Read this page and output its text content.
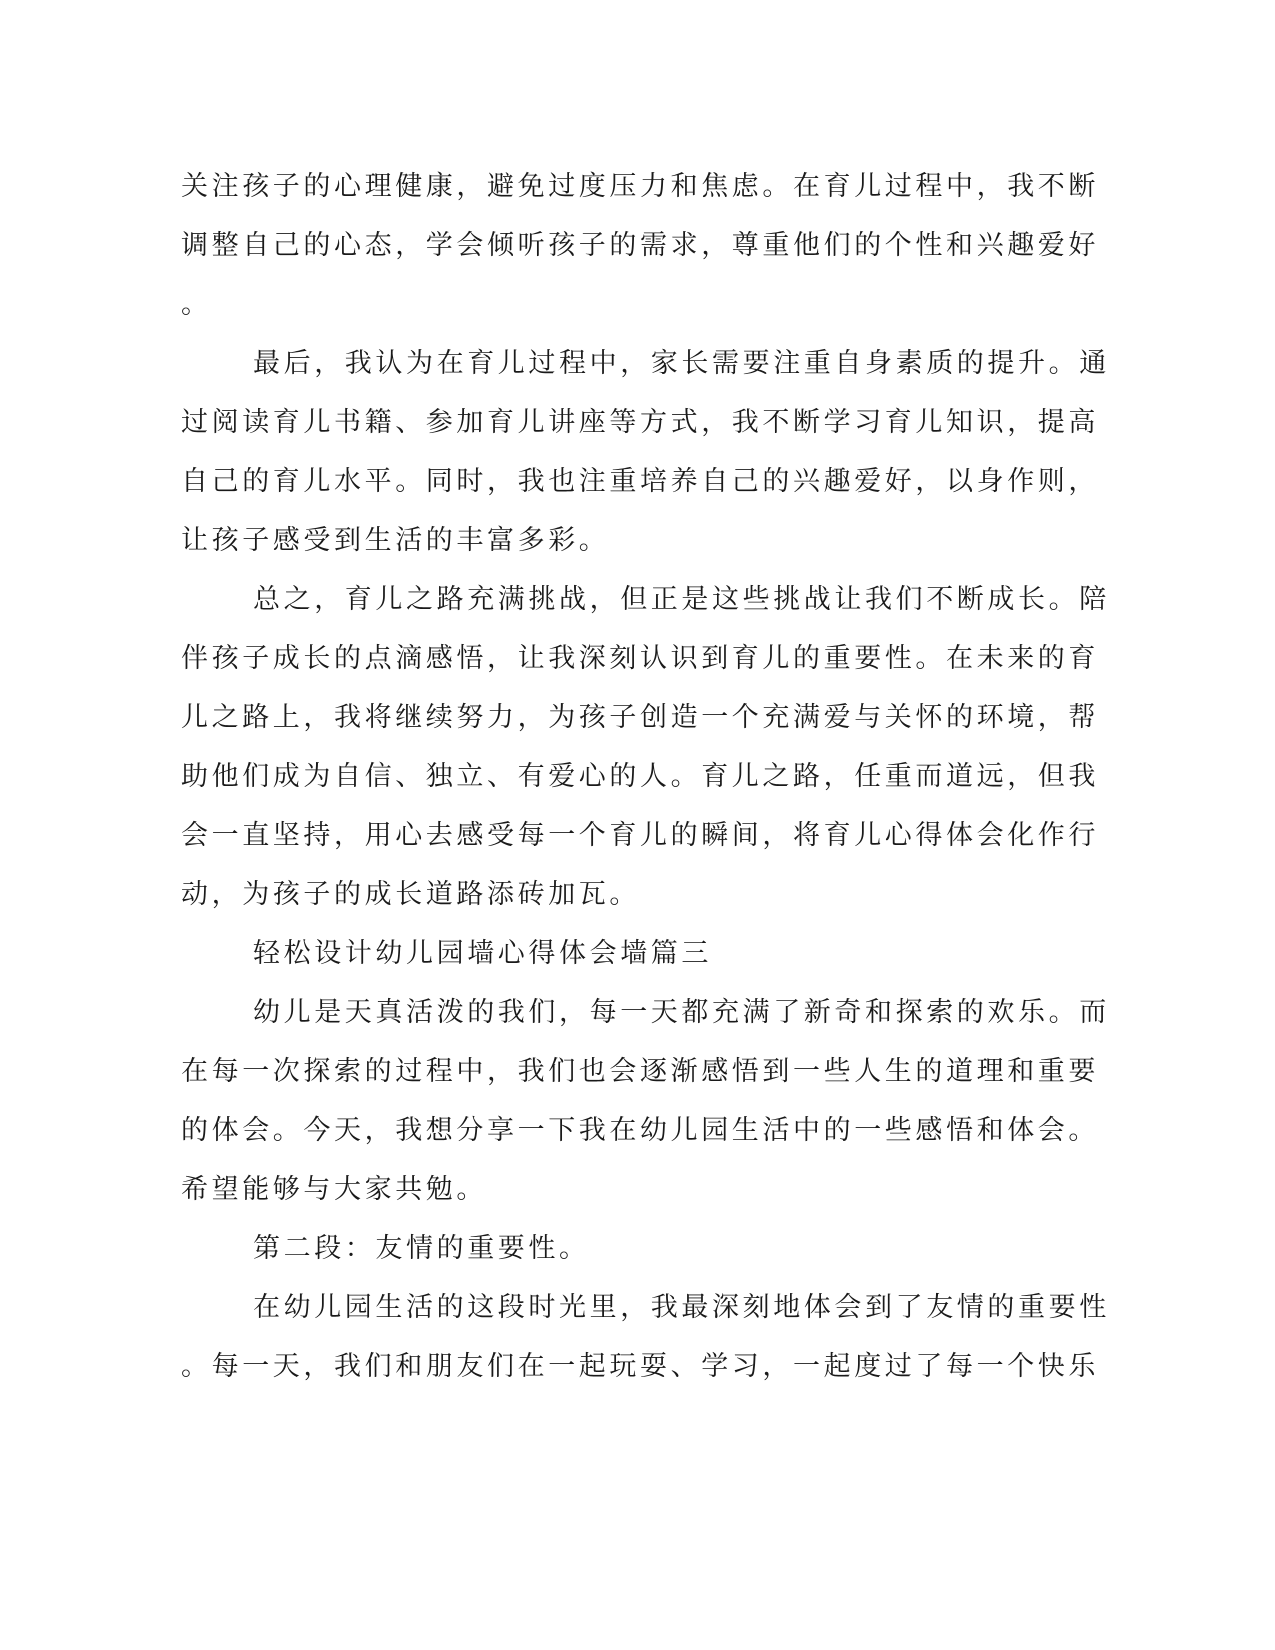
关注孩子的心理健康，避免过度压力和焦虑。在育儿过程中，我不断
调整自己的心态，学会倾听孩子的需求，尊重他们的个性和兴趣爱好
。
最后，我认为在育儿过程中，家长需要注重自身素质的提升。通
过阅读育儿书籍、参加育儿讲座等方式，我不断学习育儿知识，提高
自己的育儿水平。同时，我也注重培养自己的兴趣爱好，以身作则，
让孩子感受到生活的丰富多彩。
总之，育儿之路充满挑战，但正是这些挑战让我们不断成长。陪
伴孩子成长的点滴感悟，让我深刻认识到育儿的重要性。在未来的育
儿之路上，我将继续努力，为孩子创造一个充满爱与关怀的环境，帮
助他们成为自信、独立、有爱心的人。育儿之路，任重而道远，但我
会一直坚持，用心去感受每一个育儿的瞬间，将育儿心得体会化作行
动，为孩子的成长道路添砖加瓦。
轻松设计幼儿园墙心得体会墙篇三
幼儿是天真活泼的我们，每一天都充满了新奇和探索的欢乐。而
在每一次探索的过程中，我们也会逐渐感悟到一些人生的道理和重要
的体会。今天，我想分享一下我在幼儿园生活中的一些感悟和体会。
希望能够与大家共勉。
第二段：友情的重要性。
在幼儿园生活的这段时光里，我最深刻地体会到了友情的重要性
。每一天，我们和朋友们在一起玩耍、学习，一起度过了每一个快乐
